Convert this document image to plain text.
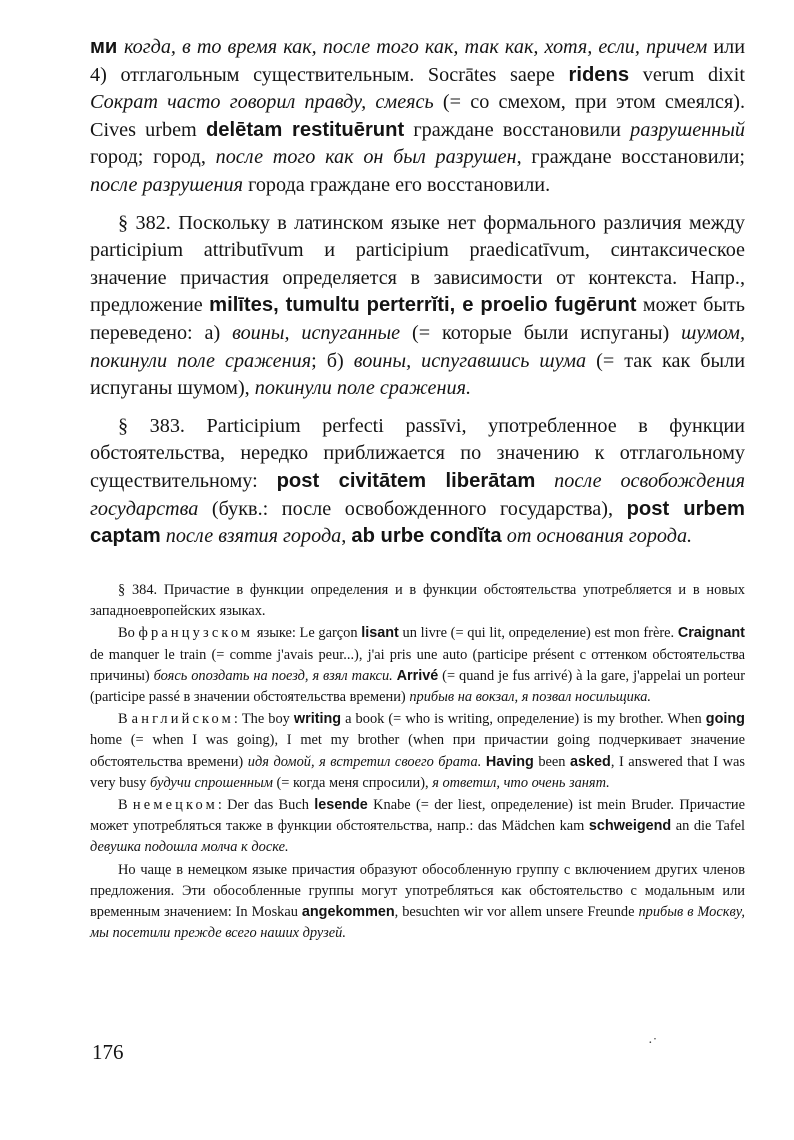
ми когда, в то время как, после того как, так как, хотя, если, причем или 4) отглагольным существительным. Socrātes saepe ridens verum dixit Сократ часто говорил правду, смеясь (= со смехом, при этом смеялся). Cives urbem delētam restituērunt граждане восстановили разрушенный город; город, после того как он был разрушен, граждане восстановили; после разрушения города граждане его восстановили.

§ 382. Поскольку в латинском языке нет формального различия между participium attributīvum и participium praedicatīvum, синтаксическое значение причастия определяется в зависимости от контекста. Напр., предложение milītes, tumultu perterrĭti, e proelio fugērunt может быть переведено: а) воины, испуганные (= которые были испуганы) шумом, покинули поле сражения; б) воины, испугавшись шума (= так как были испуганы шумом), покинули поле сражения.

§ 383. Participium perfecti passīvi, употребленное в функции обстоятельства, нередко приближается по значению к отглагольному существительному: post civitātem liberātam после освобождения государства (букв.: после освобожденного государства), post urbem captam после взятия города, ab urbe condĭta от основания города.

§ 384. Причастие в функции определения и в функции обстоятельства употребляется и в новых западноевропейских языках.

Во французском языке: Le garçon lisant un livre (= qui lit, определение) est mon frère. Craignant de manquer le train (= comme j'avais peur...), j'ai pris une auto (participe présent с оттенком обстоятельства причины) боясь опоздать на поезд, я взял такси. Arrivé (= quand je fus arrivé) à la gare, j'appelai un porteur (participe passé в значении обстоятельства времени) прибыв на вокзал, я позвал носильщика.

В английском: The boy writing a book (= who is writing, определение) is my brother. When going home (= when I was going), I met my brother (when при причастии going подчеркивает значение обстоятельства времени) идя домой, я встретил своего брата. Having been asked, I answered that I was very busy будучи спрошенным (= когда меня спросили), я ответил, что очень занят.

В немецком: Der das Buch lesende Knabe (= der liest, определение) ist mein Bruder. Причастие может употребляться также в функции обстоятельства, напр.: das Mädchen kam schweigend an die Tafel девушка подошла молча к доске.

Но чаще в немецком языке причастия образуют обособленную группу с включением других членов предложения. Эти обособленные группы могут употребляться как обстоятельство с модальным или временным значением: In Moskau angekommen, besuchten wir vor allem unsere Freunde прибыв в Москву, мы посетили прежде всего наших друзей.

176	·˙
